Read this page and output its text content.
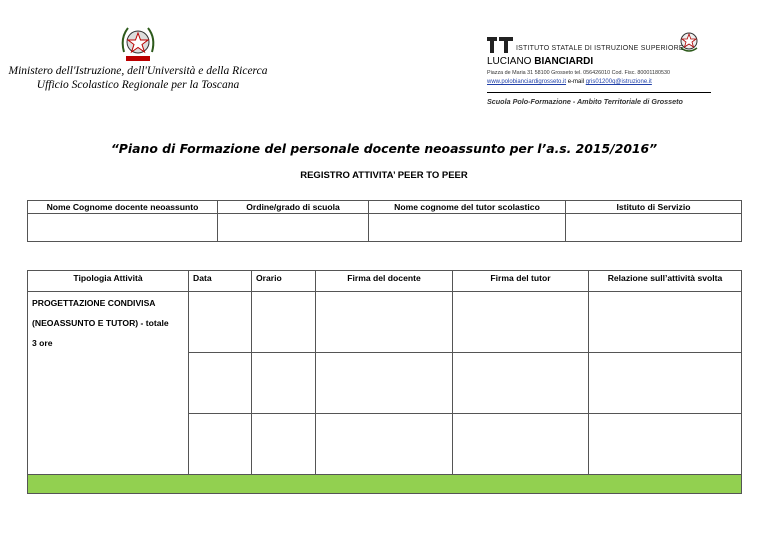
Ministero dell'Istruzione, dell'Università e della Ricerca
Ufficio Scolastico Regionale per la Toscana
ISTITUTO STATALE DI ISTRUZIONE SUPERIORE
LUCIANO BIANCIARDI
Piazza de Maria 31 58100 Grosseto tel. 056426010 Cod. Fisc. 80001180530
www.polobianciardigrosseto.it e-mail gris01200q@istruzione.it
Scuola Polo-Formazione - Ambito Territoriale di Grosseto
“Piano di Formazione del personale docente neoassunto per l’a.s. 2015/2016”
REGISTRO ATTIVITA’ PEER TO PEER
Nome Cognome docente neoassunto	Ordine/grado di scuola	Nome cognome del tutor scolastico	Istituto di Servizio

Tipologia Attività	Data	Orario	Firma del docente	Firma del tutor	Relazione sull’attività svolta

PROGETTAZIONE CONDIVISA
(NEOASSUNTO E TUTOR) - totale
3 ore					
